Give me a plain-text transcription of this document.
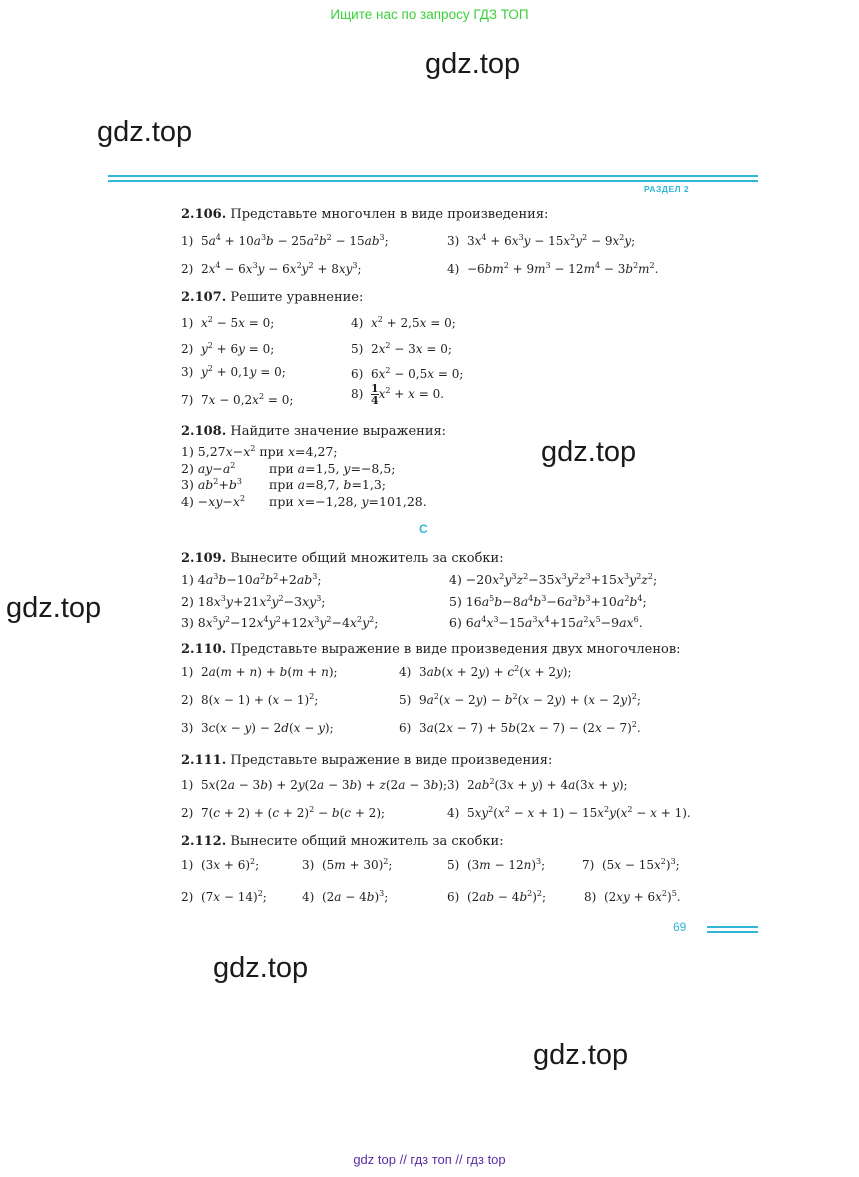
Ищите нас по запросу ГДЗ ТОП
gdz.top
gdz.top
gdz.top
gdz.top
gdz.top
gdz.top
РАЗДЕЛ 2
2.106. Представьте многочлен в виде произведения:
1)  $5a^4 + 10a^3b - 25a^2b^2 - 15ab^3$;	3)  $3x^4 + 6x^3y - 15x^2y^2 - 9x^2y$;
2)  $2x^4 - 6x^3y - 6x^2y^2 + 8xy^3$;	$4) -6bm^2 + 9m^3 - 12m^4 - 3b^2m^2$.
2.107. Решите уравнение:
1)  $x^2 - 5x = 0$;	4)  $x^2 + 2,5x = 0$;
2)  $y^2 + 6y = 0$;	5)  $2x^2 - 3x = 0$;
3)  $y^2 + 0,1y = 0$;	6)  $6x^2 - 0,5x = 0$;
7)  $7x - 0,2x^2 = 0$;	$8) \frac{1}{4}x^2 + x = 0$.
2.108. Найдите значение выражения:
1) $5,27x-x^2$ при x=4,27;
2) $ay-a^2$	при a=1,5, y=−8,5;
3) $ab^2+b^3$ при a=8,7, b=1,3;
$4) -xy-x^2$ при x=−1,28, y=101,28.
C
2.109. Вынесите общий множитель за скобки:
1) $4a^3b-10a^2b^2+2ab^3$;	$4) -20x^2y^3z^2-35x^3y^2z^3+15x^3y^2z^2$;
2) $18x^3y+21x^2y^2-3xy^3$;	5) $16a^5b-8a^4b^3-6a^3b^3+10a^2b^4$;
3) $8x^5y^2-12x^4y^2+12x^3y^2-4x^2y^2$;	6) $6a^4x^3-15a^3x^4+15a^2x^5-9ax^6$.
2.110. Представьте выражение в виде произведения двух многочленов:
1)  2a(m + n) + b(m + n);	4)  $3ab(x + 2y) + c^2(x + 2y)$;
2)  $8(x - 1) + (x - 1)^2$;	5)  $9a^2(x - 2y) - b^2(x - 2y) + (x - 2y)^2$;
3)  3c(x − y) − 2d(x − y);	6)  $3a(2x - 7) + 5b(2x - 7) - (2x - 7)^2$.
2.111. Представьте выражение в виде произведения:
1)  5x(2a − 3b) + 2y(2a − 3b) + z(2a − 3b); 3)  $2ab^2(3x + y) + 4a(3x + y)$;
2)  $7(c + 2) + (c + 2)^2 - b(c + 2)$;	4)  $5xy^2(x^2 - x + 1) - 15x^2y(x^2 - x + 1)$.
2.112. Вынесите общий множитель за скобки:
1)  $(3x + 6)^2$;	3)  $(5m + 30)^2$;	5)  $(3m - 12n)^3$;	7)  $(5x - 15x^2)^3$;
2)  $(7x - 14)^2$;	4)  $(2a - 4b)^3$;	6)  $(2ab - 4b^2)^2$;	8)  $(2xy + 6x^2)^5$.
69
gdz top // гдз топ // гдз top
